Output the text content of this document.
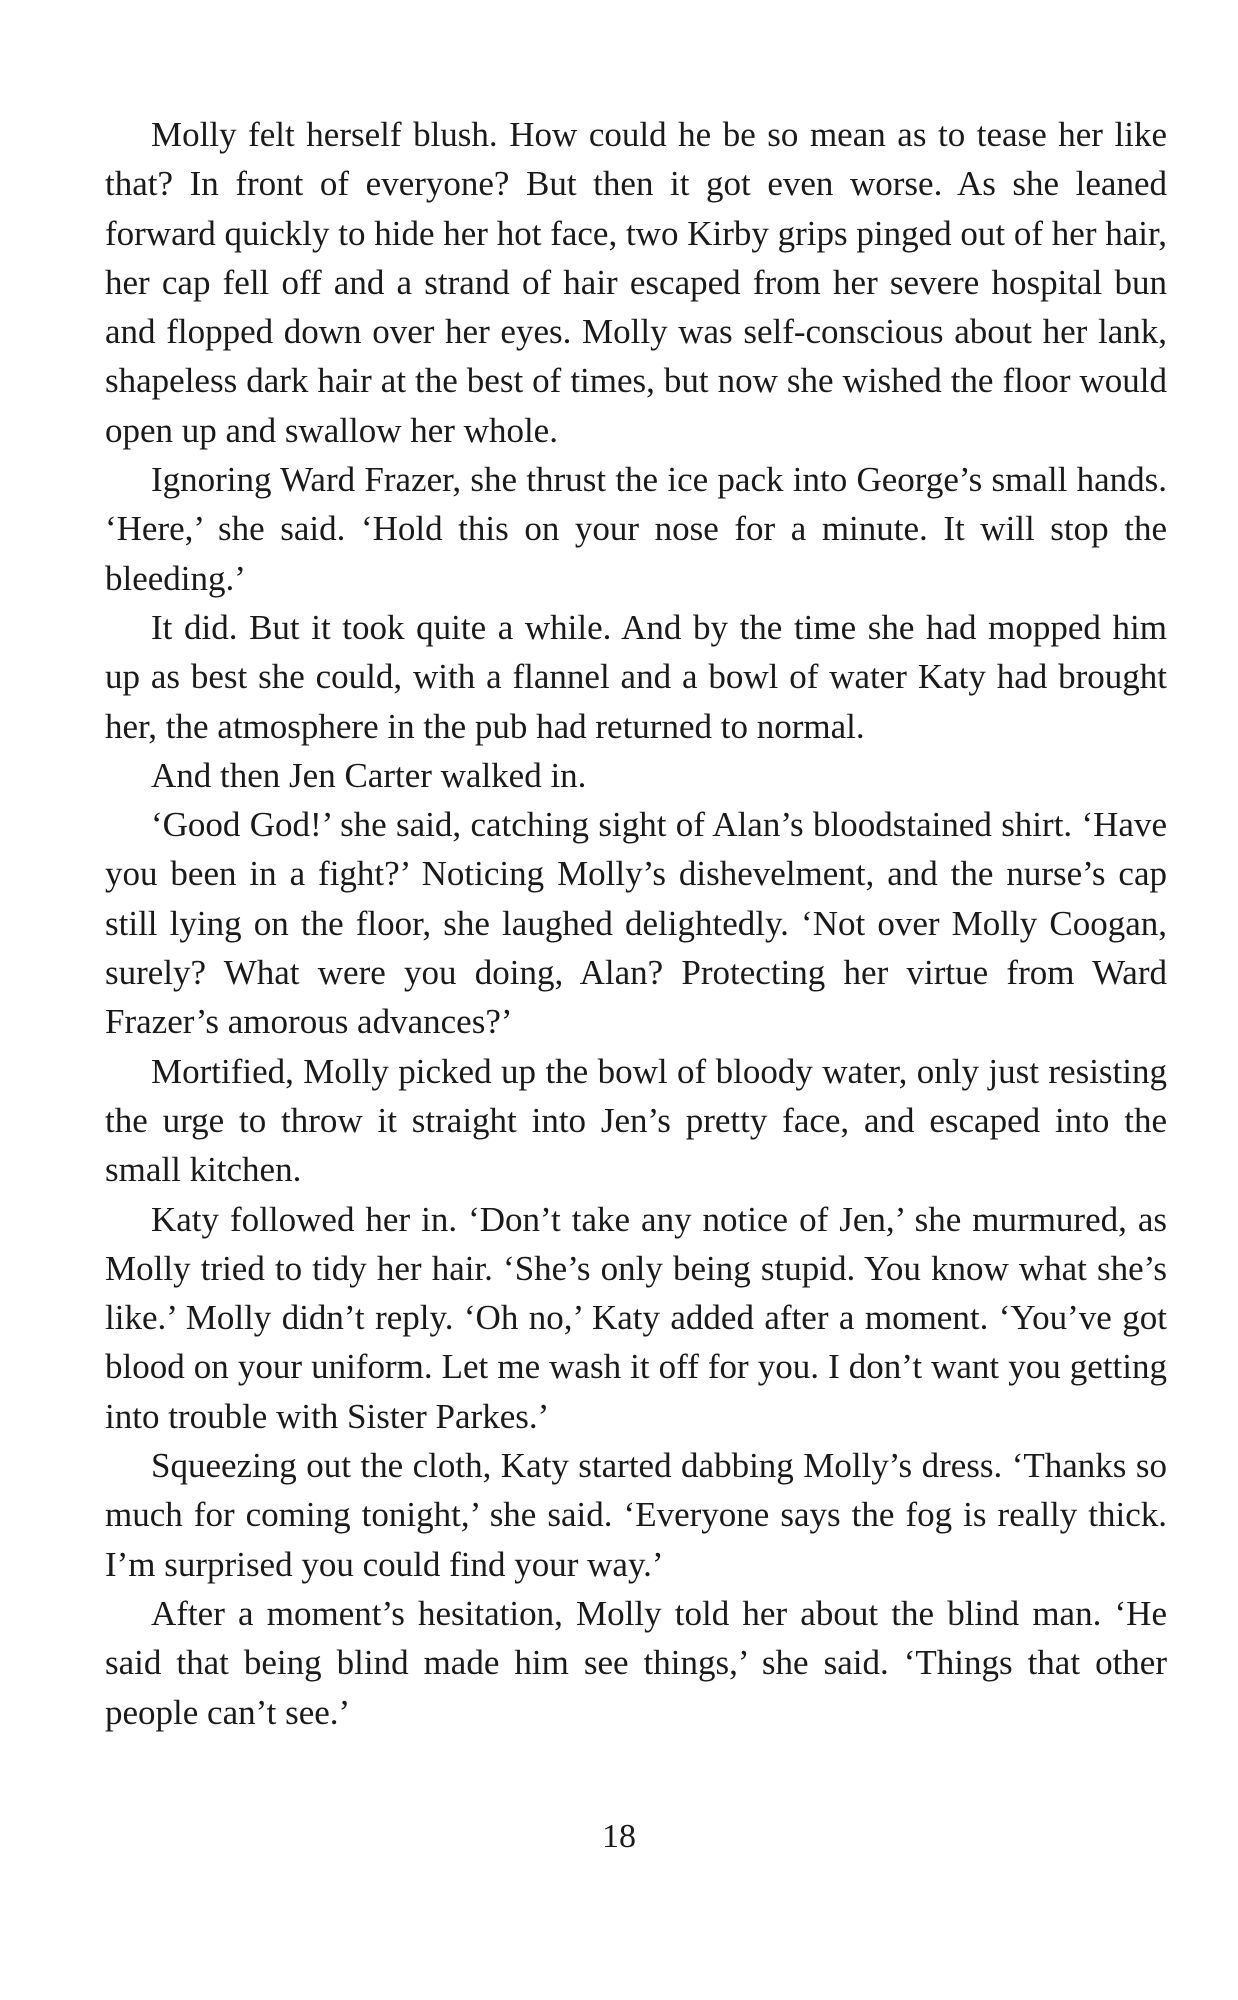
Molly felt herself blush. How could he be so mean as to tease her like that? In front of everyone? But then it got even worse. As she leaned forward quickly to hide her hot face, two Kirby grips pinged out of her hair, her cap fell off and a strand of hair escaped from her severe hospital bun and flopped down over her eyes. Molly was self-conscious about her lank, shapeless dark hair at the best of times, but now she wished the floor would open up and swallow her whole.

Ignoring Ward Frazer, she thrust the ice pack into George’s small hands. ‘Here,’ she said. ‘Hold this on your nose for a minute. It will stop the bleeding.’

It did. But it took quite a while. And by the time she had mopped him up as best she could, with a flannel and a bowl of water Katy had brought her, the atmosphere in the pub had returned to normal.

And then Jen Carter walked in.

‘Good God!’ she said, catching sight of Alan’s bloodstained shirt. ‘Have you been in a fight?’ Noticing Molly’s dishevelment, and the nurse’s cap still lying on the floor, she laughed delightedly. ‘Not over Molly Coogan, surely? What were you doing, Alan? Protecting her virtue from Ward Frazer’s amorous advances?’

Mortified, Molly picked up the bowl of bloody water, only just resisting the urge to throw it straight into Jen’s pretty face, and escaped into the small kitchen.

Katy followed her in. ‘Don’t take any notice of Jen,’ she murmured, as Molly tried to tidy her hair. ‘She’s only being stupid. You know what she’s like.’ Molly didn’t reply. ‘Oh no,’ Katy added after a moment. ‘You’ve got blood on your uniform. Let me wash it off for you. I don’t want you getting into trouble with Sister Parkes.’

Squeezing out the cloth, Katy started dabbing Molly’s dress. ‘Thanks so much for coming tonight,’ she said. ‘Everyone says the fog is really thick. I’m surprised you could find your way.’

After a moment’s hesitation, Molly told her about the blind man. ‘He said that being blind made him see things,’ she said. ‘Things that other people can’t see.’

18
